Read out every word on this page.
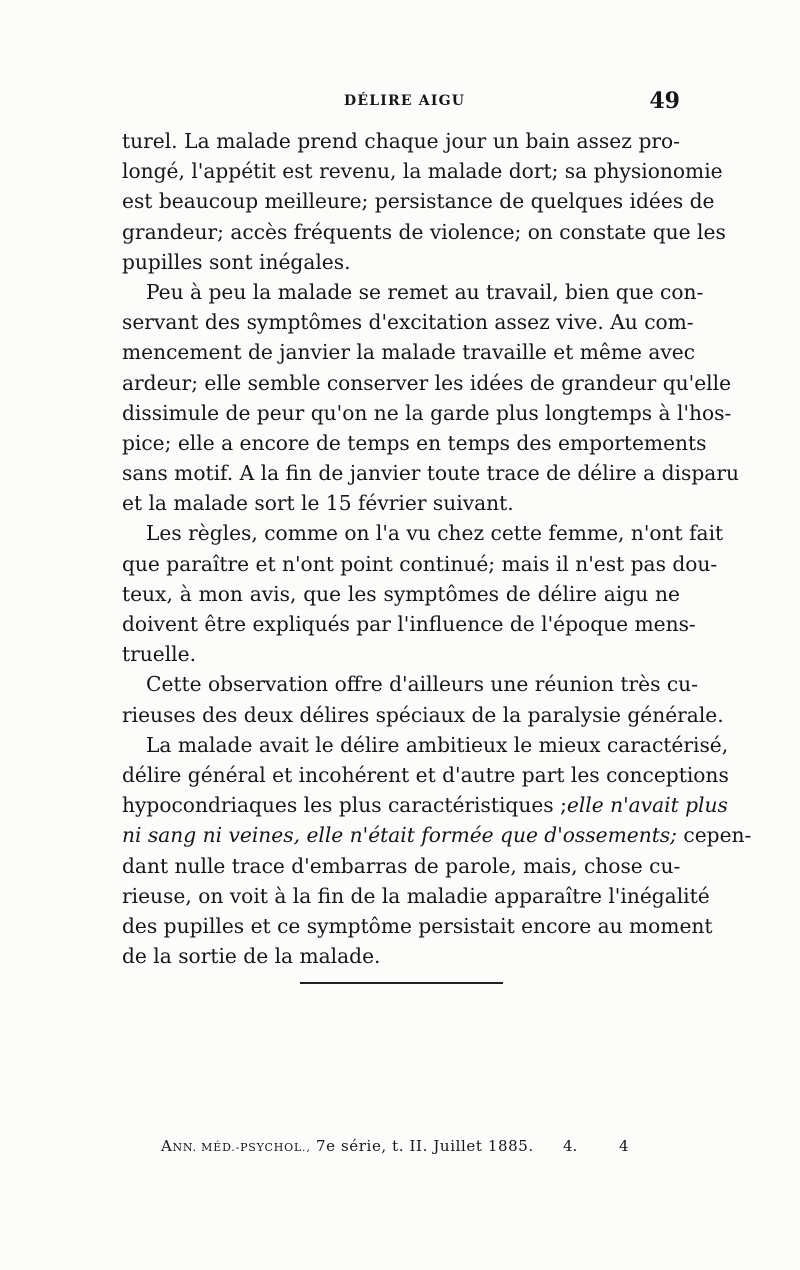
DÉLIRE AIGU	49
turel. La malade prend chaque jour un bain assez pro-
longé, l'appétit est revenu, la malade dort; sa physionomie
est beaucoup meilleure; persistance de quelques idées de
grandeur; accès fréquents de violence; on constate que les
pupilles sont inégales.
Peu à peu la malade se remet au travail, bien que con-
servant des symptômes d'excitation assez vive. Au com-
mencement de janvier la malade travaille et même avec
ardeur; elle semble conserver les idées de grandeur qu'elle
dissimule de peur qu'on ne la garde plus longtemps à l'hos-
pice; elle a encore de temps en temps des emportements
sans motif. A la fin de janvier toute trace de délire a disparu
et la malade sort le 15 février suivant.
Les règles, comme on l'a vu chez cette femme, n'ont fait
que paraître et n'ont point continué; mais il n'est pas dou-
teux, à mon avis, que les symptômes de délire aigu ne
doivent être expliqués par l'influence de l'époque mens-
truelle.
Cette observation offre d'ailleurs une réunion très cu-
rieuses des deux délires spéciaux de la paralysie générale.
La malade avait le délire ambitieux le mieux caractérisé,
délire général et incohérent et d'autre part les conceptions
hypocondriaques les plus caractéristiques ;elle n'avait plus
ni sang ni veines, elle n'était formée que d'ossements; cepen-
dant nulle trace d'embarras de parole, mais, chose cu-
rieuse, on voit à la fin de la maladie apparaître l'inégalité
des pupilles et ce symptôme persistait encore au moment
de la sortie de la malade.
ANN. MÉD.-PSYCHOL., 7e série, t. II. Juillet 1885. 4.	4
